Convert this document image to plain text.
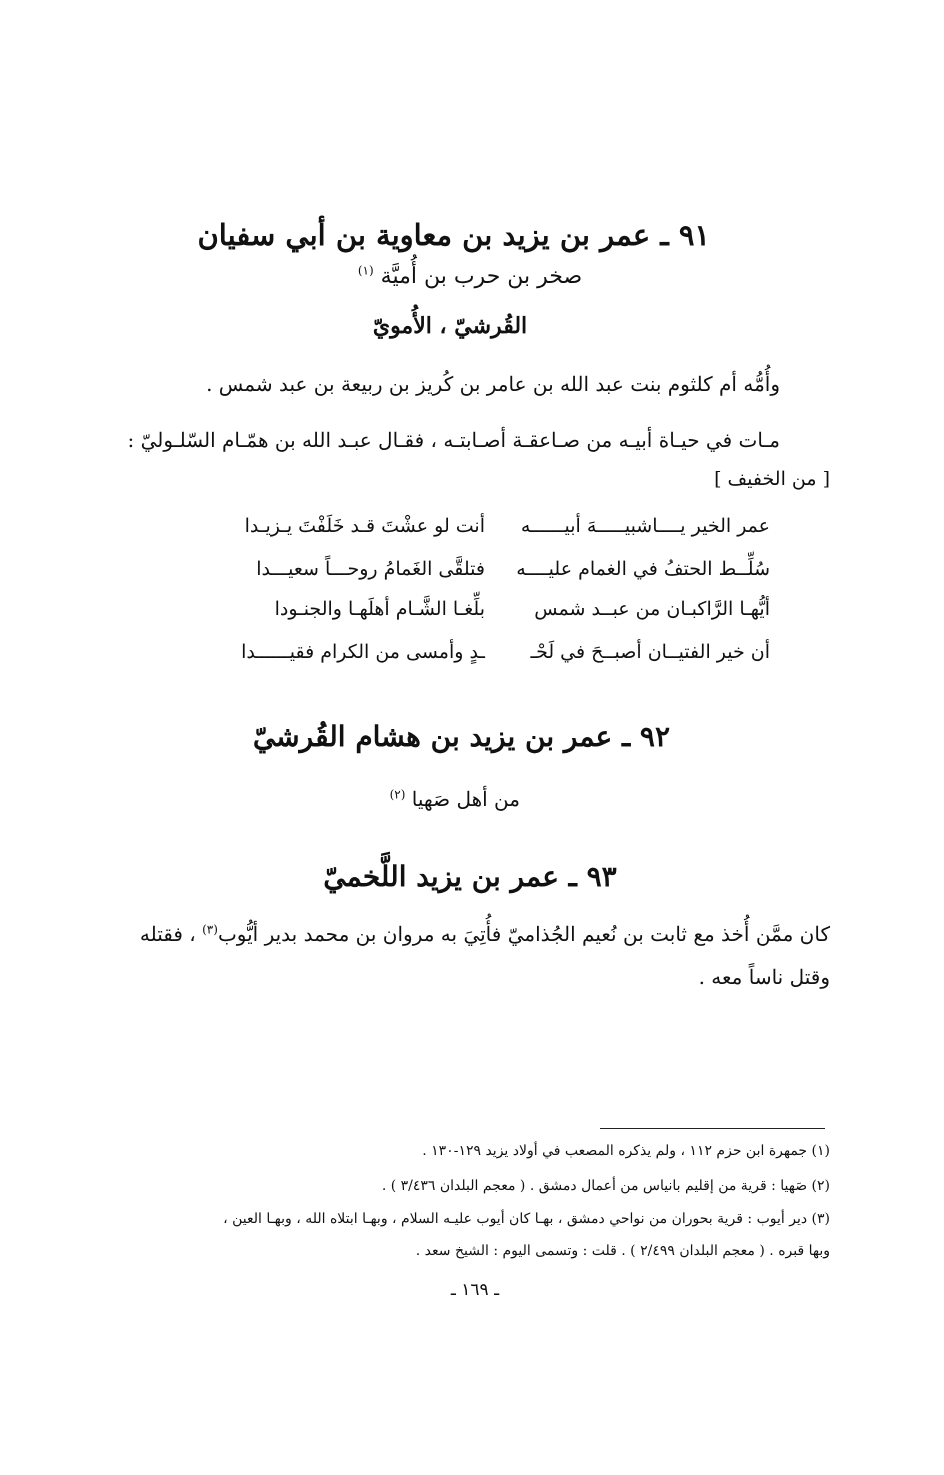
٩١ ـ عمر بن يزيد بن معاوية بن أبي سفيان
صخر بن حرب بن أُميَّة $^{(١)}$
القُرشيّ ، الأُمويّ
وأُمُّه أم كلثوم بنت عبد الله بن عامر بن كُريز بن ربيعة بن عبد شمس .
مـات في حيـاة أبيـه من صـاعقـة أصـابتـه ، فقـال عبـد الله بن همّـام السّلـوليّ :
[ من الخفيف ]
عمر الخير يــــاشبيـــــهَ أبيــــــه
أنت لو عشْتَ قـد خَلَفْتَ يـزيـدا
سُلِّــط الحتفُ في الغمام عليــــه
فتلقَّى الغَمامُ روحـــاً سعيـــدا
أيُّهـا الرَّاكبـان من عبــد شمس
بلِّغـا الشَّـام أهلَهـا والجنـودا
أن خير الفتيــان أصبــحَ في لَحْـ
ـدٍ وأمسى من الكرام فقيــــــدا
٩٢ ـ عمر بن يزيد بن هشام القُرشيّ
من أهل صَهيا $^{(٢)}$
٩٣ ـ عمر بن يزيد اللَّخميّ
كان ممَّن أُخذ مع ثابت بن نُعيم الجُذاميّ فأُتِيَ به مروان بن محمد بدير أيُّوب$^{(٣)}$ ، فقتله
وقتل ناساً معه .
(١) جمهرة ابن حزم ١١٢ ، ولم يذكره المصعب في أولاد يزيد ١٢٩-١٣٠ .
(٢) صَهيا : قرية من إقليم بانياس من أعمال دمشق . ( معجم البلدان ٣/٤٣٦ ) .
(٣) دير أيوب : قرية بحوران من نواحي دمشق ، بهـا كان أيوب عليـه السلام ، وبهـا ابتلاه الله ، وبهـا العين ،
وبها قبره . ( معجم البلدان ٢/٤٩٩ ) . قلت : وتسمى اليوم : الشيخ سعد .
ـ ١٦٩ ـ
